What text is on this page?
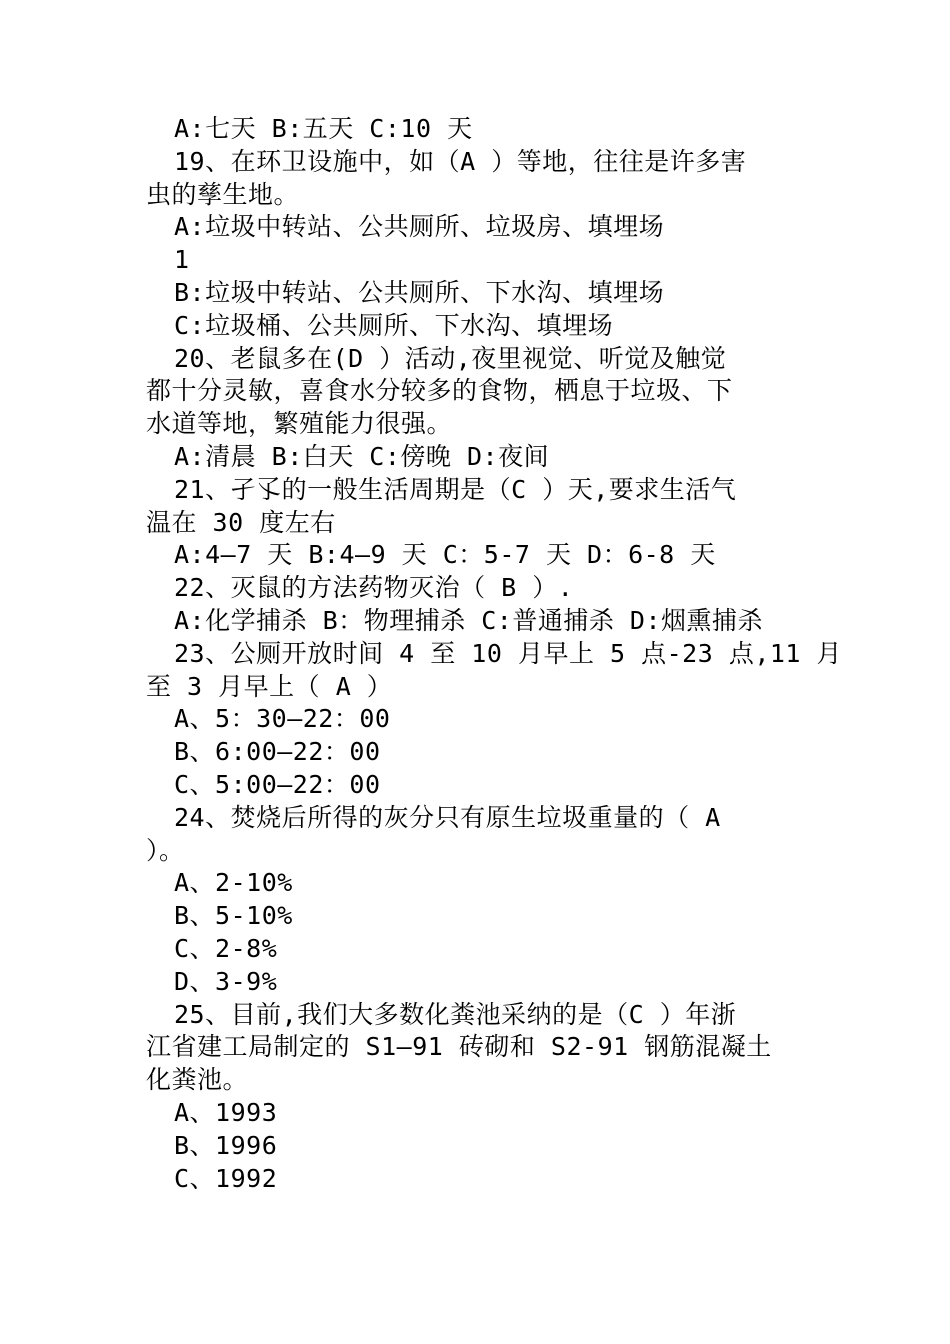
A:七天 B:五天 C:10 天
19、在环卫设施中，如（A ）等地，往往是许多害
虫的孳生地。
A:垃圾中转站、公共厕所、垃圾房、填埋场
1
B:垃圾中转站、公共厕所、下水沟、填埋场
C:垃圾桶、公共厕所、下水沟、填埋场
20、老鼠多在(D ）活动,夜里视觉、听觉及触觉
都十分灵敏，喜食水分较多的食物，栖息于垃圾、下
水道等地，繁殖能力很强。
A:清晨 B:白天 C:傍晚 D:夜间
21、孑孓的一般生活周期是（C ）天,要求生活气
温在 30 度左右
A:4—7 天 B:4—9 天 C：5-7 天 D：6-8 天
22、灭鼠的方法药物灭治（ B ）.
A:化学捕杀 B：物理捕杀 C:普通捕杀 D:烟熏捕杀
23、公厕开放时间 4 至 10 月早上 5 点-23 点,11 月
至 3 月早上（ A ）
A、5：30—22：00
B、6:00—22：00
C、5:00—22：00
24、焚烧后所得的灰分只有原生垃圾重量的（ A
）。
A、2-10%
B、5-10%
C、2-8%
D、3-9%
25、目前,我们大多数化粪池采纳的是（C ）年浙
江省建工局制定的 S1—91 砖砌和 S2-91 钢筋混凝土
化粪池。
A、1993
B、1996
C、1992
